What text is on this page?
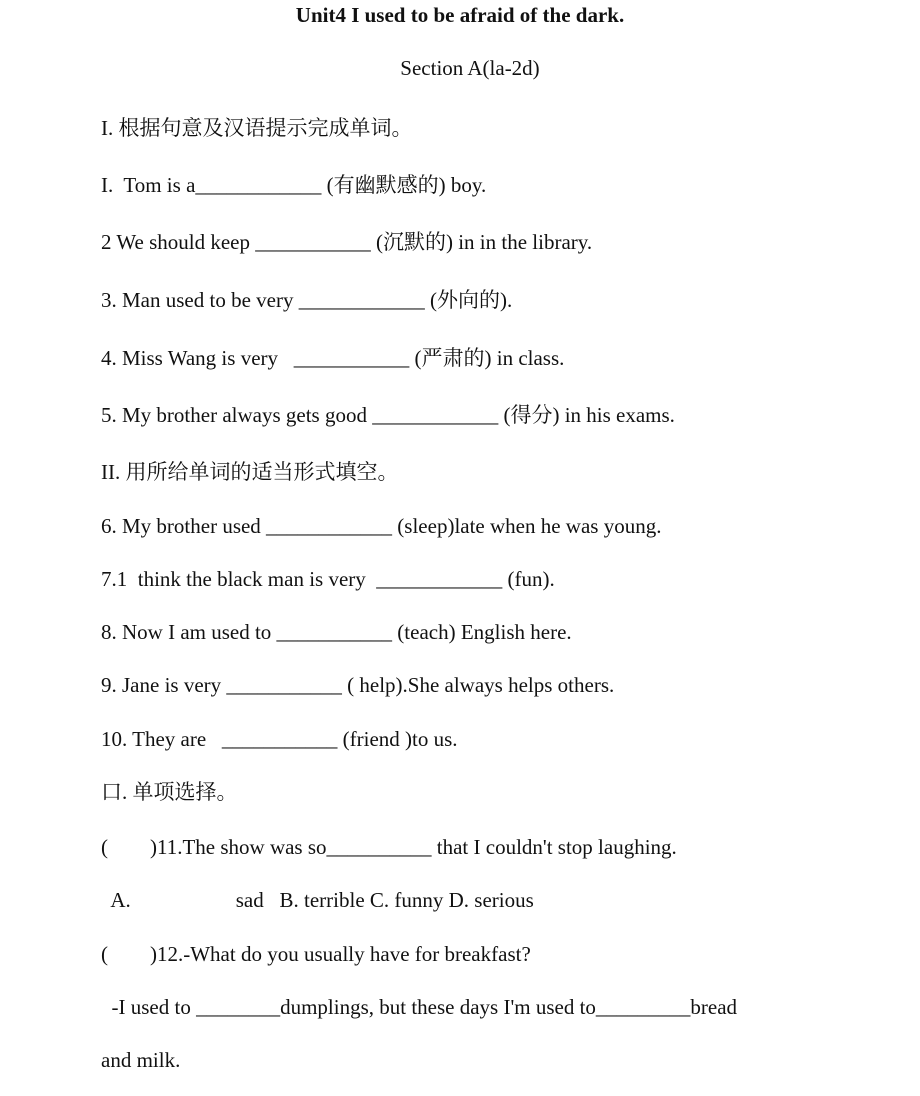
Unit4 I used to be afraid of the dark.
Section A(la-2d)
I. 根据句意及汉语提示完成单词。
I.  Tom is a____________ (有幽默感的) boy.
2 We should keep ___________ (沉默的) in in the library.
3. Man used to be very ____________ (外向的).
4. Miss Wang is very   ___________ (严肃的) in class.
5. My brother always gets good ____________ (得分) in his exams.
II. 用所给单词的适当形式填空。
6. My brother used ____________ (sleep)late when he was young.
7.1  think the black man is very  ____________ (fun).
8. Now I am used to ___________ (teach) English here.
9. Jane is very ___________ ( help).She always helps others.
10. They are   ___________ (friend )to us.
口. 单项选择。
(        )11.The show was so__________ that I couldn't stop laughing.
A.                    sad   B. terrible C. funny D. serious
(        )12.-What do you usually have for breakfast?
-I used to ________dumplings, but these days I'm used to_________bread
and milk.
